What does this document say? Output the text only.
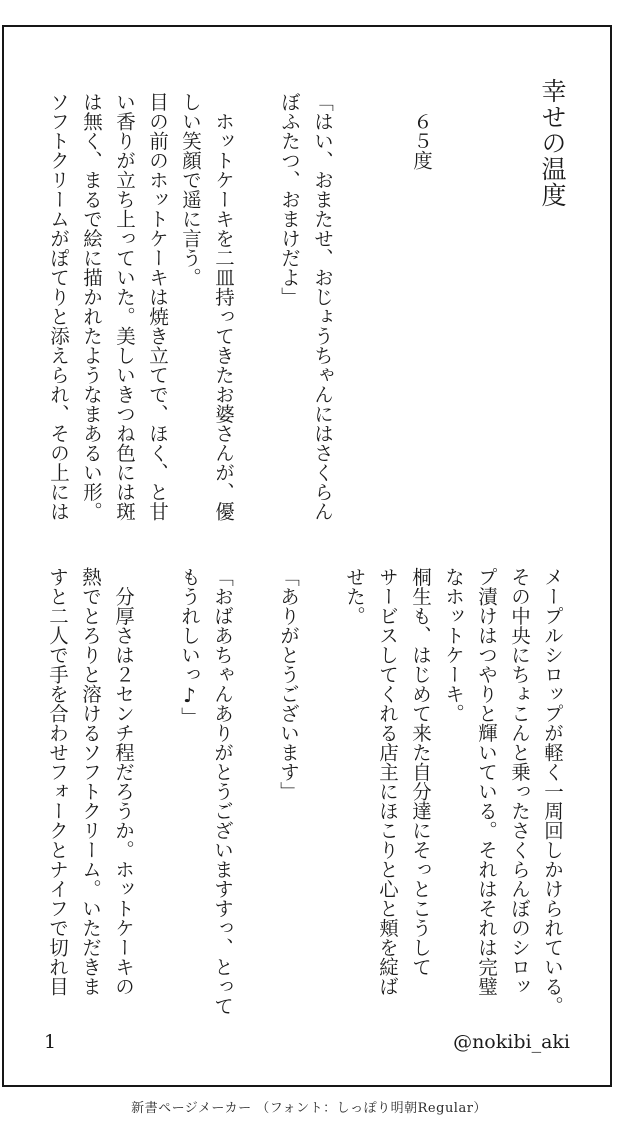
幸せの温度
　６５度
「はい、おまたせ、おじょうちゃんにはさくらん
ぼふたつ、おまけだよ」
　ホットケーキを二皿持ってきたお婆さんが、優
しい笑顔で遥に言う。
目の前のホットケーキは焼き立てで、ほく、と甘
い香りが立ち上っていた。美しいきつね色には斑
は無く、まるで絵に描かれたようなまあるい形。
ソフトクリームがぽてりと添えられ、その上には
メープルシロップが軽く一周回しかけられている。
その中央にちょこんと乗ったさくらんぼのシロッ
プ漬けはつやりと輝いている。それはそれは完璧
なホットケーキ。
桐生も、はじめて来た自分達にそっとこうして
サービスしてくれる店主にほこりと心と頬を綻ば
せた。
「ありがとうございます」
「おばあちゃんありがとうございますすっ、とって
もうれしいっ♪」
　分厚さは２センチ程だろうか。ホットケーキの
熱でとろりと溶けるソフトクリーム。いただきま
すと二人で手を合わせフォークとナイフで切れ目
1	@nokibi_aki
新書ページメーカー （フォント：しっぽり明朝Regular）
